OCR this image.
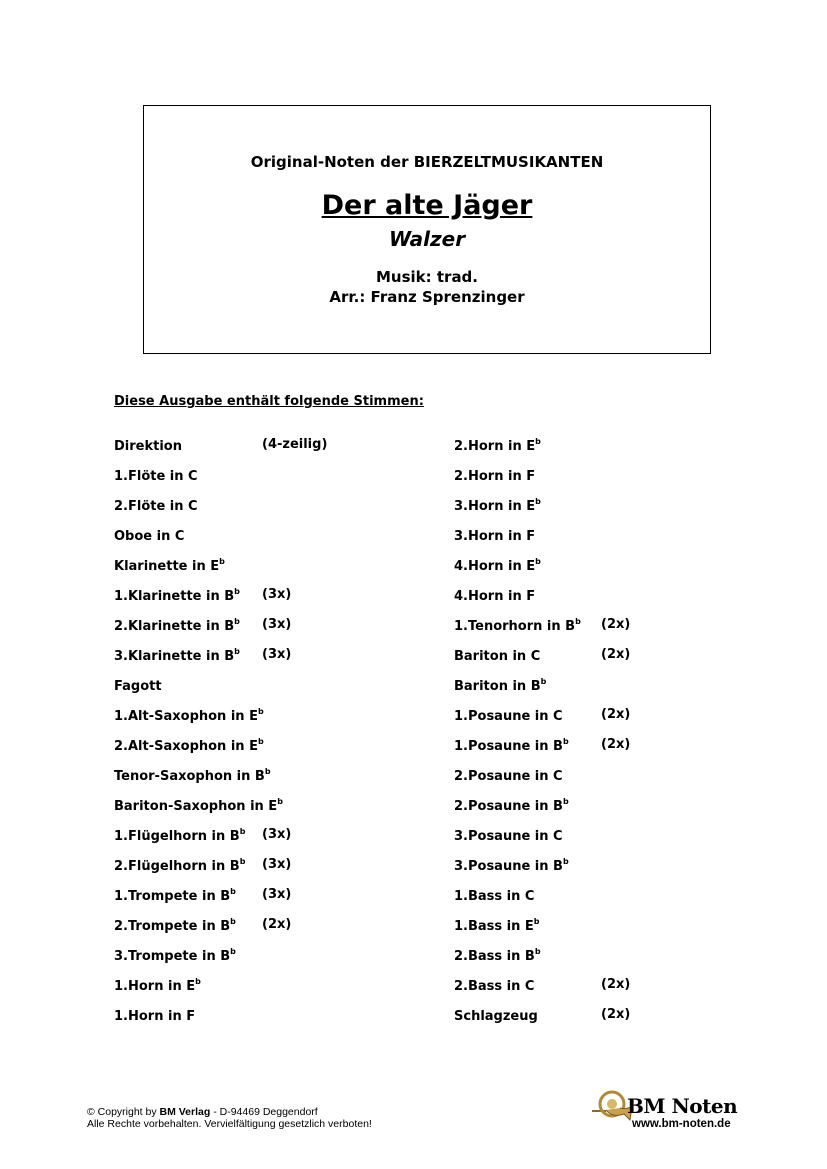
Original-Noten der BIERZELTMUSIKANTEN
Der alte Jäger
Walzer
Musik: trad.
Arr.: Franz Sprenzinger
Diese Ausgabe enthält folgende Stimmen:
Direktion	(4-zeilig)
1.Flöte in C
2.Flöte in C
Oboe in C
Klarinette in $E^b$
1.Klarinette in $B^b$ (3x)
2.Klarinette in $B^b$ (3x)
3.Klarinette in $B^b$ (3x)
Fagott
1.Alt-Saxophon in $E^b$
2.Alt-Saxophon in $E^b$
Tenor-Saxophon in $B^b$
Bariton-Saxophon in $E^b$
1.Flügelhorn in $B^b$ (3x)
2.Flügelhorn in $B^b$ (3x)
1.Trompete in $B^b$ (3x)
2.Trompete in $B^b$ (2x)
3.Trompete in $B^b$
1.Horn in $E^b$
1.Horn in F
2.Horn in $E^b$
2.Horn in F
3.Horn in $E^b$
3.Horn in F
4.Horn in $E^b$
4.Horn in F
1.Tenorhorn in $B^b$ (2x)
Bariton in C	(2x)
Bariton in $B^b$
1.Posaune in C	(2x)
1.Posaune in $B^b$ (2x)
2.Posaune in C
2.Posaune in $B^b$
3.Posaune in C
3.Posaune in $B^b$
1.Bass in C
1.Bass in $E^b$
2.Bass in $B^b$
2.Bass in C	(2x)
Schlagzeug	(2x)
© Copyright by BM Verlag - D-94469 Deggendorf
Alle Rechte vorbehalten. Vervielfältigung gesetzlich verboten!
BM Noten
www.bm-noten.de
